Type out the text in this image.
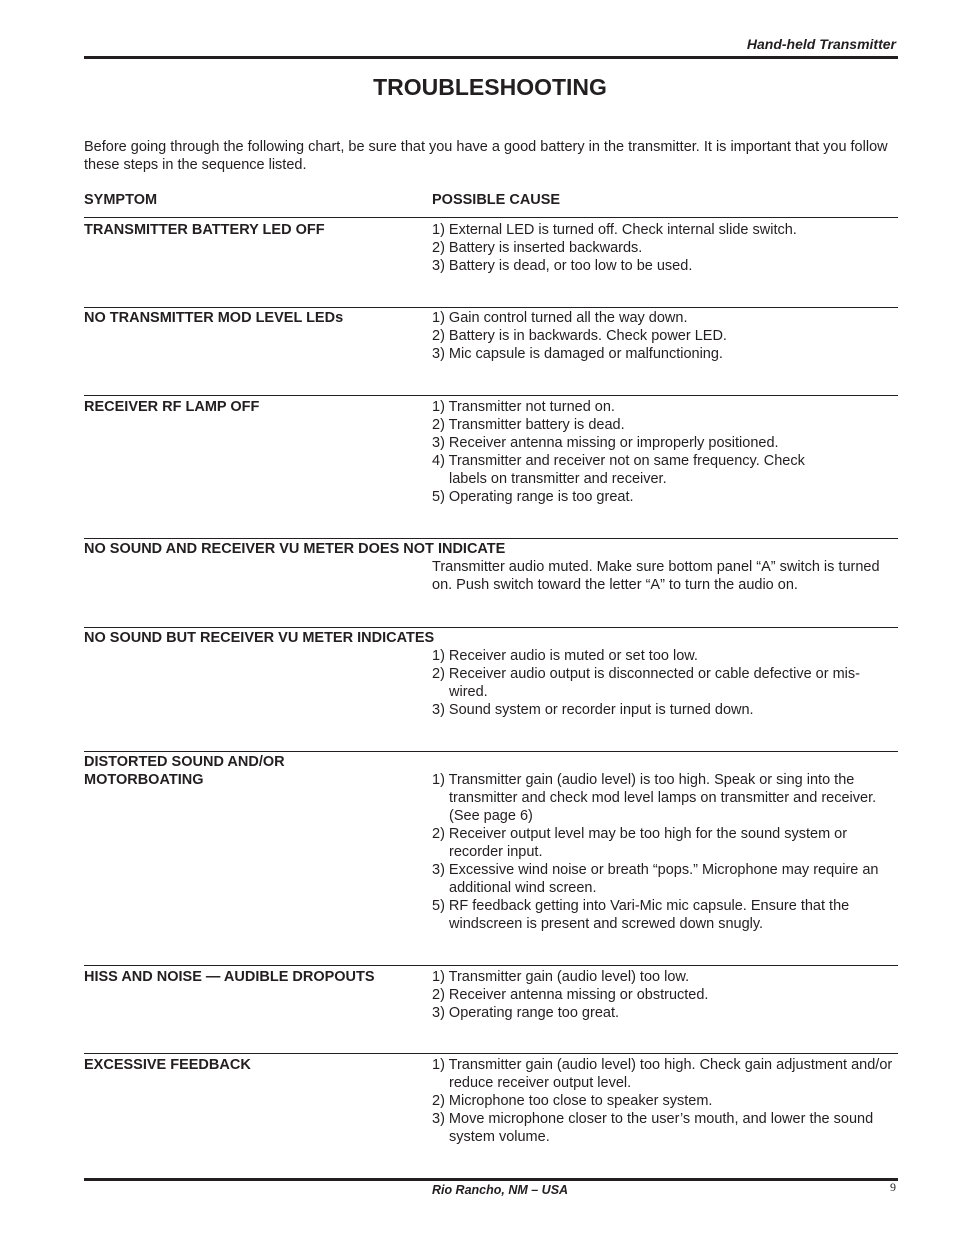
Hand-held Transmitter
TROUBLESHOOTING
Before going through the following chart, be sure that you have a good battery in the transmitter. It is important that you follow these steps in the sequence listed.
SYMPTOM	POSSIBLE CAUSE
TRANSMITTER BATTERY LED OFF	1) External LED is turned off. Check internal slide switch.
2) Battery is inserted backwards.
3) Battery is dead, or too low to be used.
NO TRANSMITTER MOD LEVEL LEDs	1) Gain control turned all the way down.
2) Battery is in backwards. Check power LED.
3) Mic capsule is damaged or malfunctioning.
RECEIVER RF LAMP OFF	1) Transmitter not turned on.
2) Transmitter battery is dead.
3) Receiver antenna missing or improperly positioned.
4) Transmitter and receiver not on same frequency. Check labels on transmitter and receiver.
5) Operating range is too great.
NO SOUND AND RECEIVER VU METER DOES NOT INDICATE
Transmitter audio muted. Make sure bottom panel “A” switch is turned on. Push switch toward the letter “A” to turn the audio on.
NO SOUND BUT RECEIVER VU METER INDICATES
1) Receiver audio is muted or set too low.
2) Receiver audio output is disconnected or cable defective or mis-wired.
3) Sound system or recorder input is turned down.
DISTORTED SOUND AND/OR MOTORBOATING	1) Transmitter gain (audio level) is too high. Speak or sing into the transmitter and check mod level lamps on transmitter and receiver. (See page 6)
2) Receiver output level may be too high for the sound system or recorder input.
3) Excessive wind noise or breath “pops.” Microphone may require an additional wind screen.
5) RF feedback getting into Vari-Mic mic capsule. Ensure that the windscreen is present and screwed down snugly.
HISS AND NOISE — AUDIBLE DROPOUTS	1) Transmitter gain (audio level) too low.
2) Receiver antenna missing or obstructed.
3) Operating range too great.
EXCESSIVE FEEDBACK	1) Transmitter gain (audio level) too high. Check gain adjustment and/or reduce receiver output level.
2) Microphone too close to speaker system.
3) Move microphone closer to the user’s mouth, and lower the sound system volume.
Rio Rancho, NM – USA	9
